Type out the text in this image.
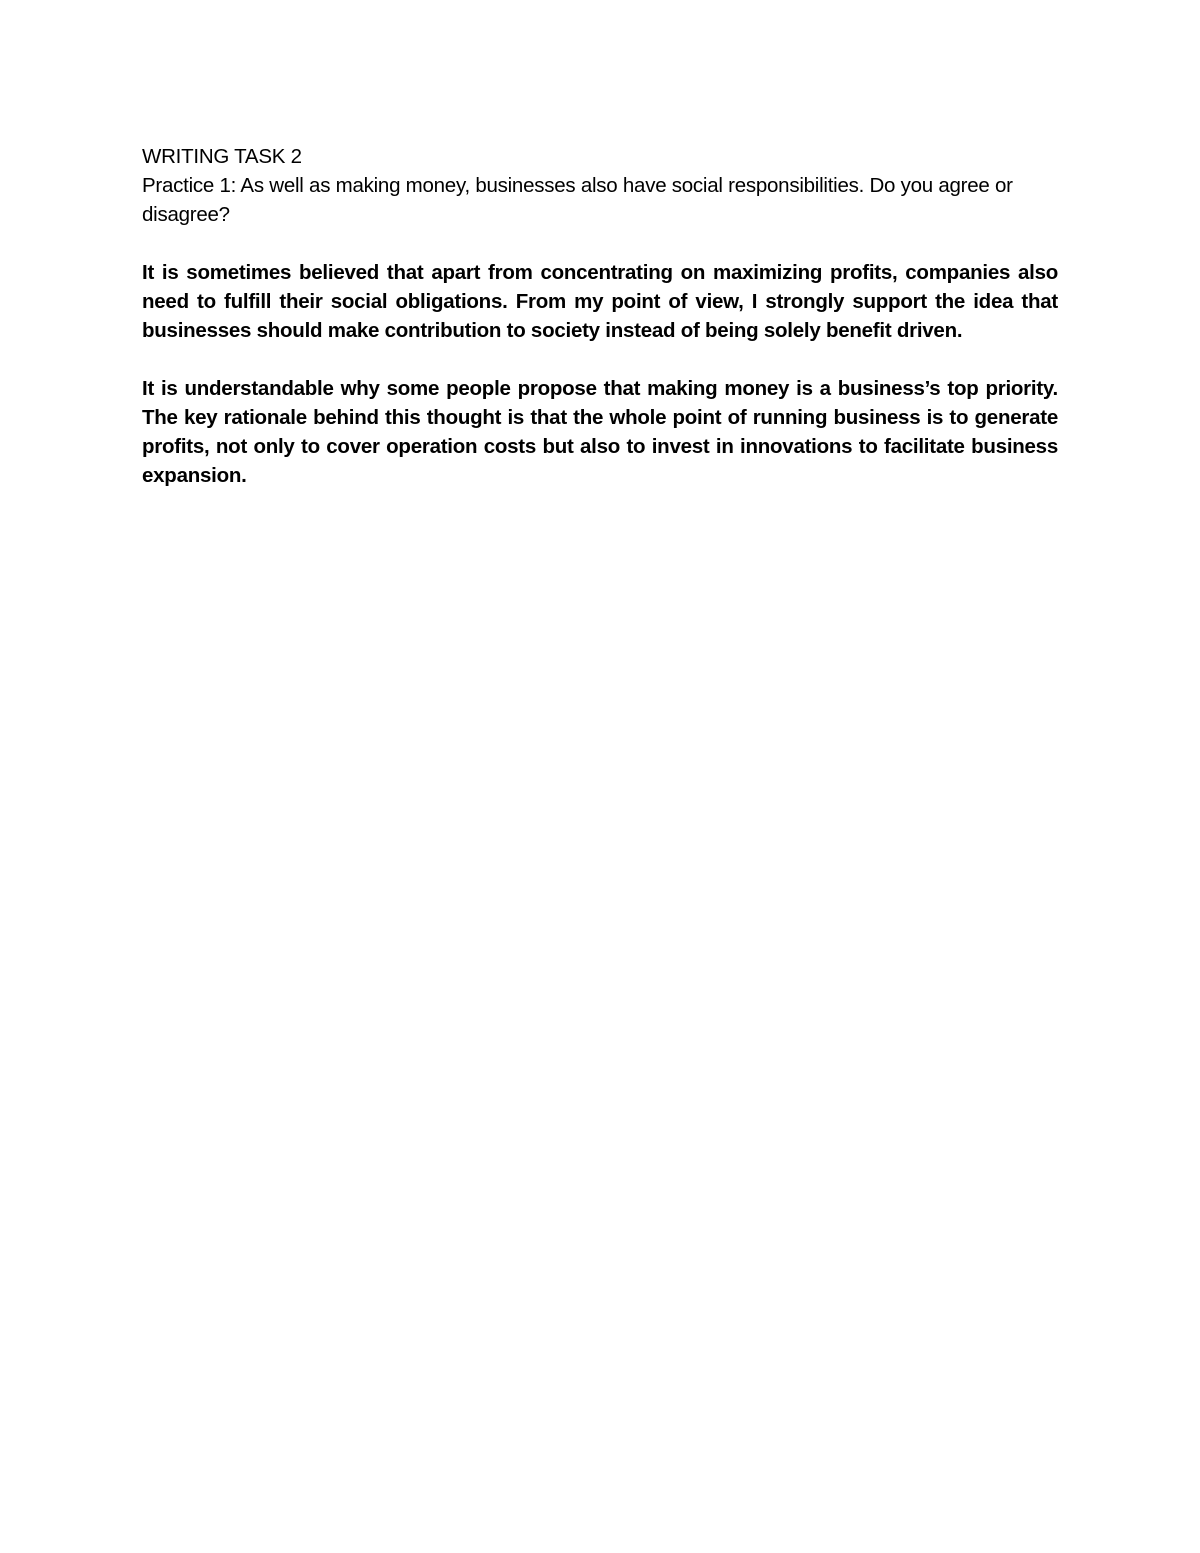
WRITING TASK 2

Practice 1: As well as making money, businesses also have social responsibilities. Do you agree or disagree?

It is sometimes believed that apart from concentrating on maximizing profits, companies also need to fulfill their social obligations. From my point of view, I strongly support the idea that businesses should make contribution to society instead of being solely benefit driven.

It is understandable why some people propose that making money is a business’s top priority. The key rationale behind this thought is that the whole point of running business is to generate profits, not only to cover operation costs but also to invest in innovations to facilitate business expansion.
